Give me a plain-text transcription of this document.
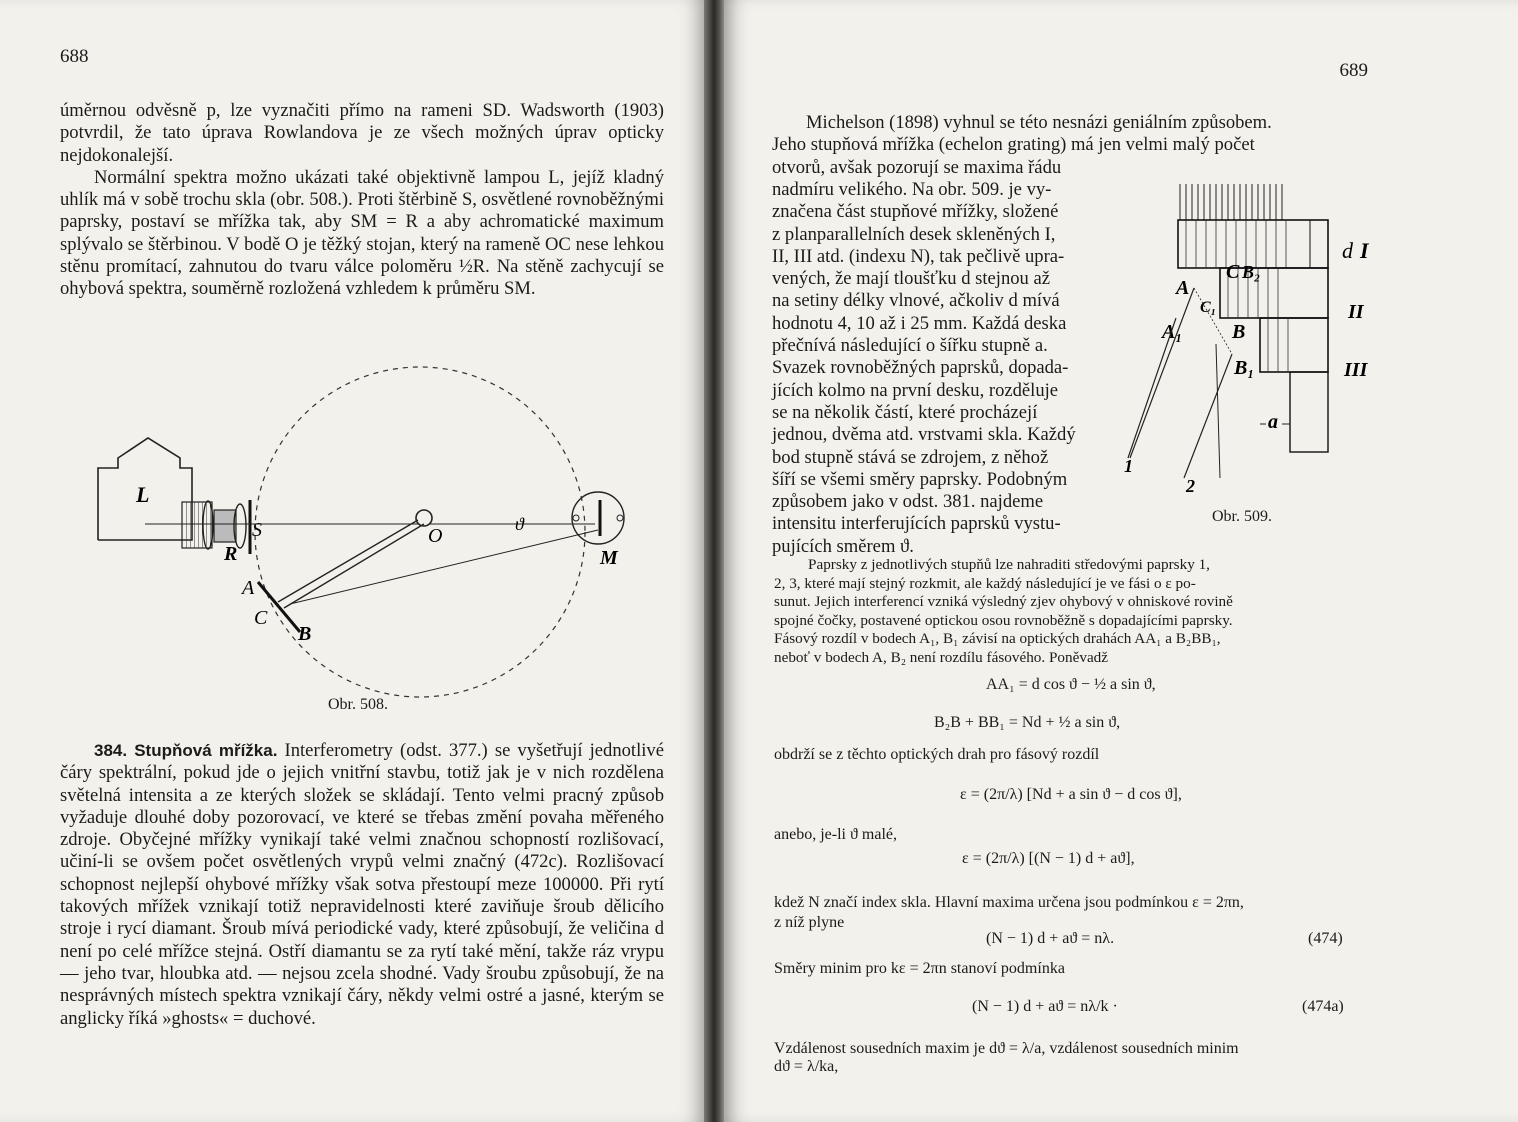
688

úměrnou odvěsně p, lze vyznačiti přímo na rameni SD. Wadsworth (1903) potvrdil, že tato úprava Rowlandova je ze všech možných úprav opticky nejdokonalejší.

Normální spektra možno ukázati také objektivně lampou L, jejíž kladný uhlík má v sobě trochu skla (obr. 508.). Proti štěrbině S, osvětlené rovnoběžnými paprsky, postaví se mřížka tak, aby SM = R a aby achromatické maximum splývalo se štěrbinou. V bodě O je těžký stojan, který na rameně OC nese lehkou stěnu promítací, zahnutou do tvaru válce poloměru ½R. Na stěně zachycují se ohybová spektra, souměrně rozložená vzhledem k průměru SM.

L
S
R
O
M
ϑ
A
C
B
Obr. 508.

384. Stupňová mřížka. Interferometry (odst. 377.) se vyšetřují jednotlivé čáry spektrální, pokud jde o jejich vnitřní stavbu, totiž jak je v nich rozdělena světelná intensita a ze kterých složek se skládají. Tento velmi pracný způsob vyžaduje dlouhé doby pozorovací, ve které se třebas změní povaha měřeného zdroje. Obyčejné mřížky vynikají také velmi značnou schopností rozlišovací, učiní-li se ovšem počet osvětlených vrypů velmi značný (472c). Rozlišovací schopnost nejlepší ohybové mřížky však sotva přestoupí meze 100000. Při rytí takových mřížek vznikají totiž nepravidelnosti které zaviňuje šroub dělicího stroje i rycí diamant. Šroub mívá periodické vady, které způsobují, že veličina d není po celé mřížce stejná. Ostří diamantu se za rytí také mění, takže ráz vrypu — jeho tvar, hloubka atd. — nejsou zcela shodné. Vady šroubu způsobují, že na nesprávných místech spektra vznikají čáry, někdy velmi ostré a jasné, kterým se anglicky říká »ghosts« = duchové.

689
Michelson (1898) vyhnul se této nesnázi geniálním způsobem.
Jeho stupňová mřížka (echelon grating) má jen velmi malý počet
otvorů, avšak pozorují se maxima řádu
nadmíru velikého. Na obr. 509. je vy-
značena část stupňové mřížky, složené
z planparallelních desek skleněných I,
II, III atd. (indexu N), tak pečlivě upra-
vených, že mají tloušťku d stejnou až
na setiny délky vlnové, ačkoliv d mívá
hodnotu 4, 10 až i 25 mm. Každá deska
přečnívá následující o šířku stupně a.
Svazek rovnoběžných paprsků, dopada-
jících kolmo na první desku, rozděluje
se na několik částí, které procházejí
jednou, dvěma atd. vrstvami skla. Každý
bod stupně stává se zdrojem, z něhož
šíří se všemi směry paprsky. Podobným
způsobem jako v odst. 381. najdeme
intensitu interferujících paprsků vystu-
pujících směrem ϑ.
d I
II
III
A
C B₂
C₁
A₁ B
B₁
a
1
2
Obr. 509.
Paprsky z jednotlivých stupňů lze nahraditi středovými paprsky 1,
2, 3, které mají stejný rozkmit, ale každý následující je ve fási o ε po-
sunut. Jejich interferencí vzniká výsledný zjev ohybový v ohniskové rovině
spojné čočky, postavené optickou osou rovnoběžně s dopadajícími paprsky.
Fásový rozdíl v bodech A₁, B₁ závisí na optických drahách AA₁ a B₂BB₁,
neboť v bodech A, B₂ není rozdílu fásového. Poněvadž
AA₁ = d cos ϑ − ½ a sin ϑ,
B₂B + BB₁ = Nd + ½ a sin ϑ,
obdrží se z těchto optických drah pro fásový rozdíl
ε = (2π/λ) [Nd + a sin ϑ − d cos ϑ],
anebo, je-li ϑ malé,
ε = (2π/λ) [(N − 1) d + aϑ],
kdež N značí index skla. Hlavní maxima určena jsou podmínkou ε = 2πn,
z níž plyne
(N − 1) d + aϑ = nλ.	(474)
Směry minim pro kε = 2πn stanoví podmínka
(N − 1) d + aϑ = nλ/k ·	(474a)
Vzdálenost sousedních maxim je dϑ = λ/a, vzdálenost sousedních minim
dϑ = λ/ka,
